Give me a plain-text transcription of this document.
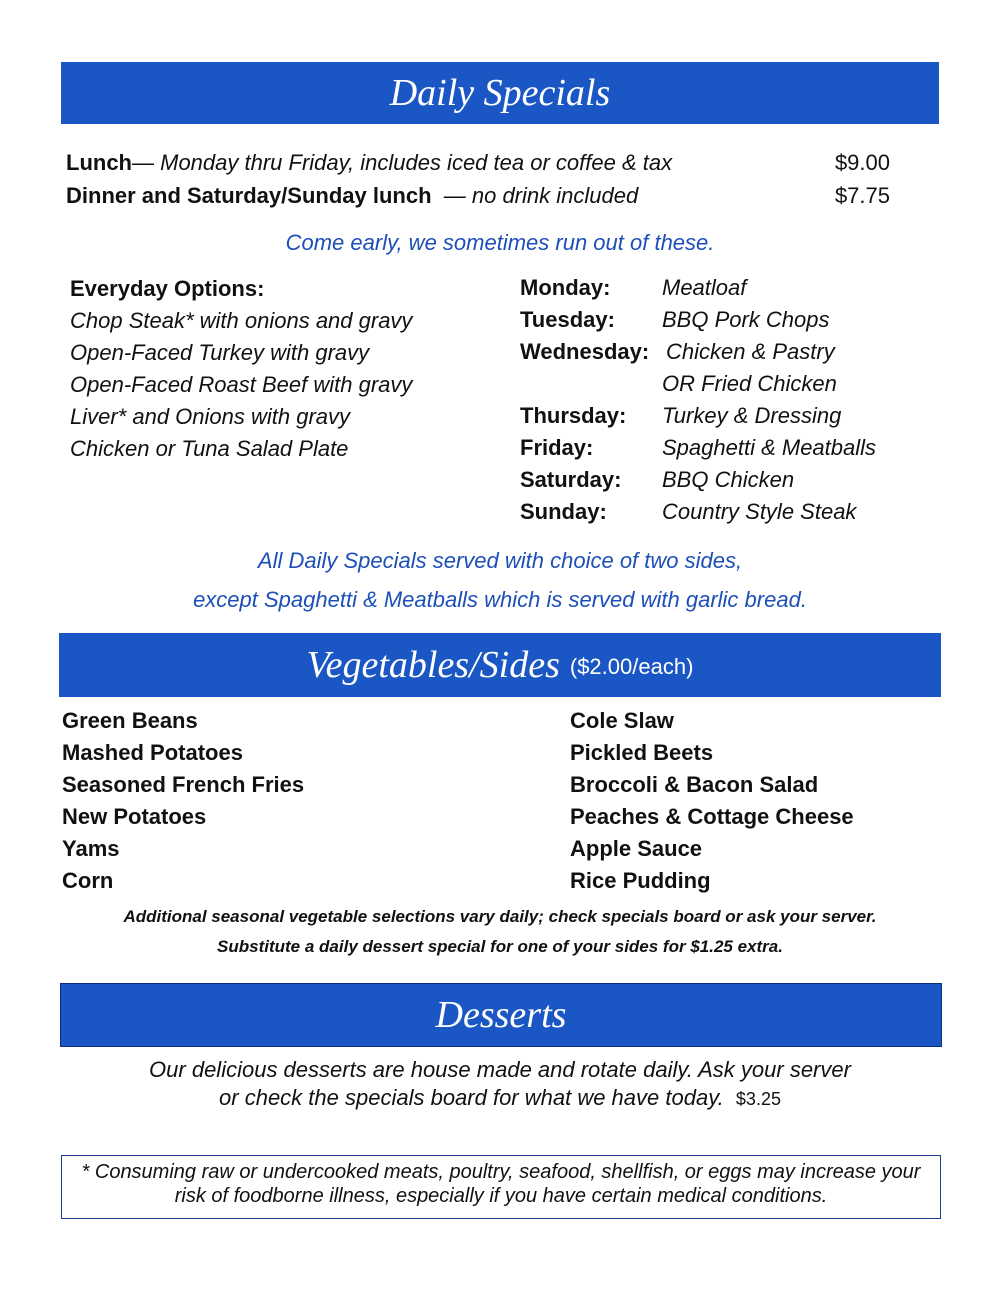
Daily Specials
Lunch— Monday thru Friday, includes iced tea or coffee & tax	$9.00
Dinner and Saturday/Sunday lunch — no drink included	$7.75
Come early, we sometimes run out of these.
Everyday Options:
Chop Steak* with onions and gravy
Open-Faced Turkey with gravy
Open-Faced Roast Beef with gravy
Liver* and Onions with gravy
Chicken or Tuna Salad Plate
Monday: Meatloaf
Tuesday: BBQ Pork Chops
Wednesday: Chicken & Pastry
OR Fried Chicken
Thursday: Turkey & Dressing
Friday:	Spaghetti & Meatballs
Saturday: BBQ Chicken
Sunday:	Country Style Steak
All Daily Specials served with choice of two sides,
except Spaghetti & Meatballs which is served with garlic bread.
Vegetables/Sides ($2.00/each)
Green Beans
Mashed Potatoes
Seasoned French Fries
New Potatoes
Yams
Corn
Cole Slaw
Pickled Beets
Broccoli & Bacon Salad
Peaches & Cottage Cheese
Apple Sauce
Rice Pudding
Additional seasonal vegetable selections vary daily; check specials board or ask your server.
Substitute a daily dessert special for one of your sides for $1.25 extra.
Desserts
Our delicious desserts are house made and rotate daily. Ask your server
or check the specials board for what we have today. $3.25
* Consuming raw or undercooked meats, poultry, seafood, shellfish, or eggs may increase your risk of foodborne illness, especially if you have certain medical conditions.
